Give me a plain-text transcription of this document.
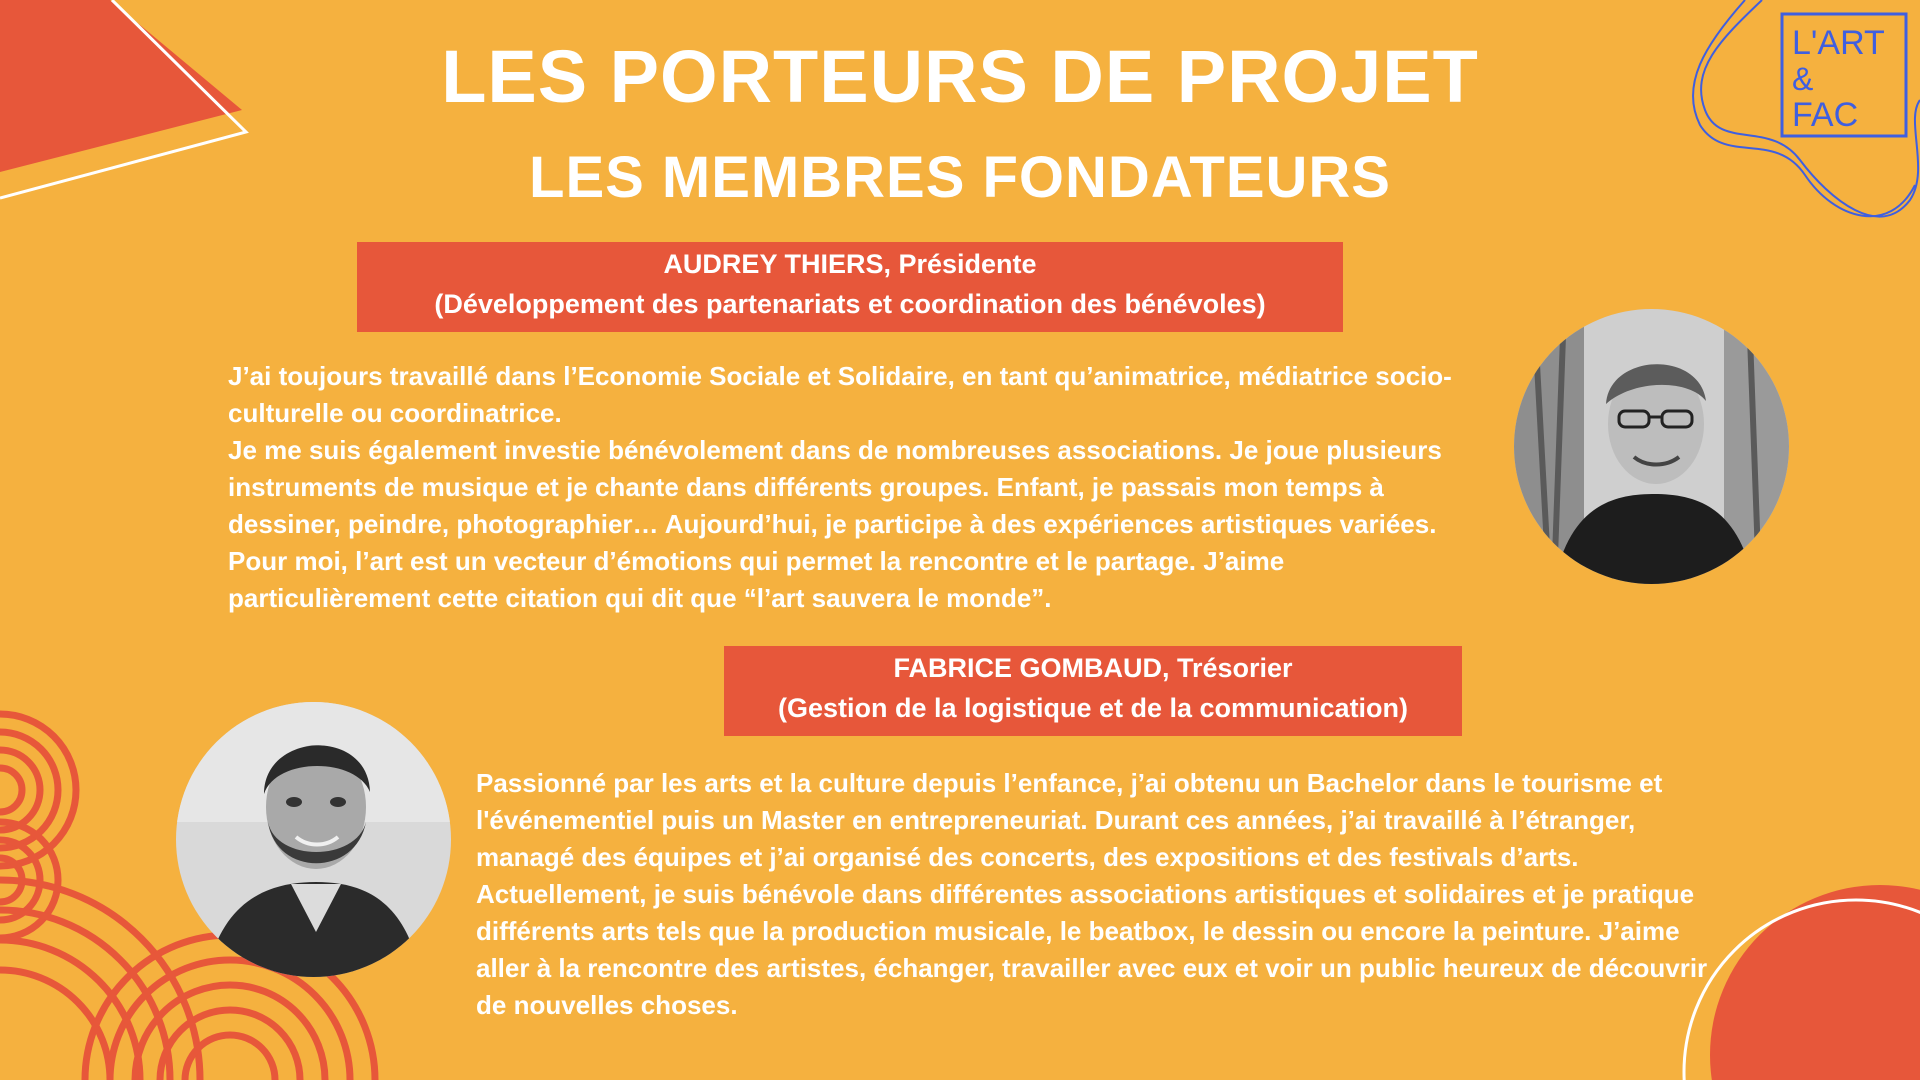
L'ART
&
FAC
LES PORTEURS DE PROJET
LES MEMBRES FONDATEURS
AUDREY THIERS, Présidente
(Développement des partenariats et coordination des bénévoles)

J’ai toujours travaillé dans l’Economie Sociale et Solidaire, en tant qu’animatrice, médiatrice socio-culturelle ou coordinatrice.

Je me suis également investie bénévolement dans de nombreuses associations. Je joue plusieurs instruments de musique et je chante dans différents groupes. Enfant, je passais mon temps à dessiner, peindre, photographier… Aujourd’hui, je participe à des expériences artistiques variées. Pour moi, l’art est un vecteur d’émotions qui permet la rencontre et le partage. J’aime particulièrement cette citation qui dit que “l’art sauvera le monde”.

FABRICE GOMBAUD, Trésorier
(Gestion de la logistique et de la communication)

Passionné par les arts et la culture depuis l’enfance, j’ai obtenu un Bachelor dans le tourisme et l'événementiel puis un Master en entrepreneuriat. Durant ces années, j’ai travaillé à l’étranger, managé des équipes et j’ai organisé des concerts, des expositions et des festivals d’arts. Actuellement, je suis bénévole dans différentes associations artistiques et solidaires et je pratique différents arts tels que la production musicale, le beatbox, le dessin ou encore la peinture. J’aime aller à la rencontre des artistes, échanger, travailler avec eux et voir un public heureux de découvrir de nouvelles choses.
